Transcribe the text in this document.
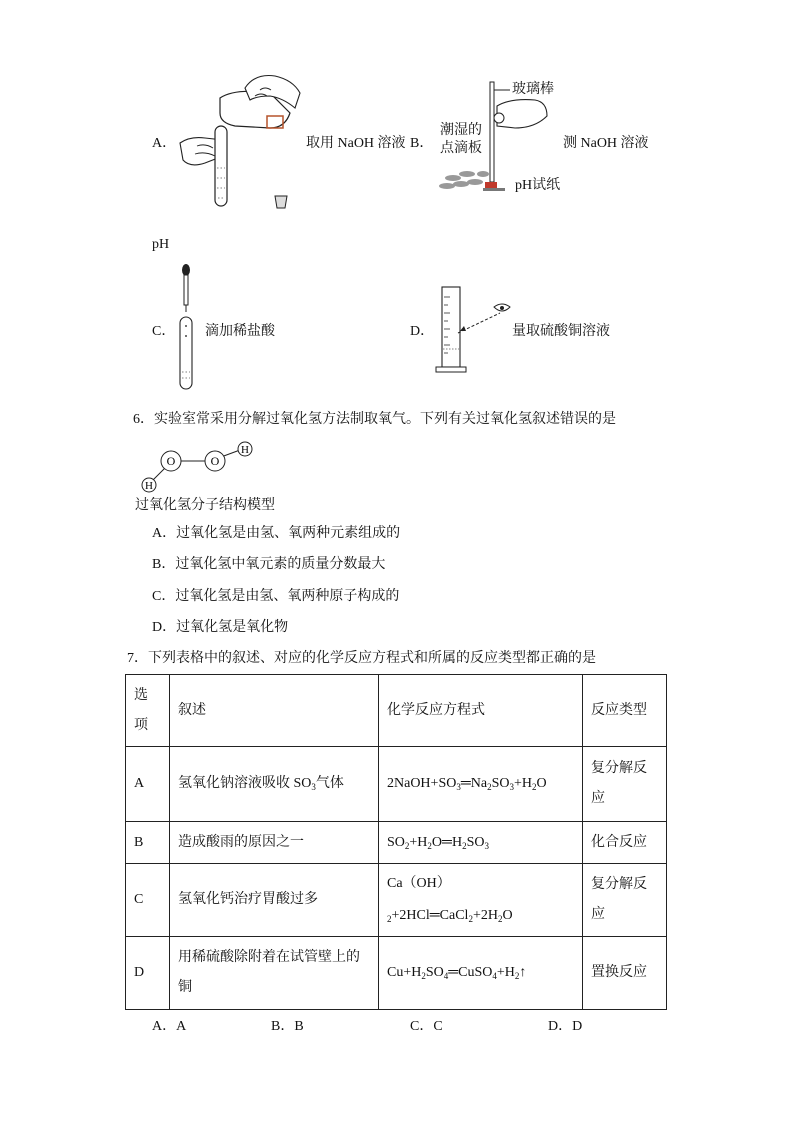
A．	取用 NaOH 溶液 B．
玻璃棒
潮湿的
点滴板
pH试纸
测 NaOH 溶液
pH
C． 滴加稀盐酸	D．	量取硫酸铜溶液
6．实验室常采用分解过氧化氢方法制取氧气。下列有关过氧化氢叙述错误的是
H
O	O
H
过氧化氢分子结构模型
A．过氧化氢是由氢、氧两种元素组成的
B．过氧化氢中氧元素的质量分数最大
C．过氧化氢是由氢、氧两种原子构成的
D．过氧化氢是氧化物
7．下列表格中的叙述、对应的化学反应方程式和所属的反应类型都正确的是
选
项	叙述	化学反应方程式	反应类型
A	氢氧化钠溶液吸收 $SO_3$气体	$2NaOH+SO_3═Na_2SO_3+H_2O$	复分解反
应
B	造成酸雨的原因之一	$SO_2+H_2O═H_2SO_3$	化合反应
C	氢氧化钙治疗胃酸过多	$Ca(OH)_2+2HCl═CaCl_2+2H_2O$	复分解反
应
D	用稀硫酸除附着在试管壁上的
铜	$Cu+H_2SO_4═CuSO_4+H_2↑$	置换反应
A．A	B．B	C．C	D．D
